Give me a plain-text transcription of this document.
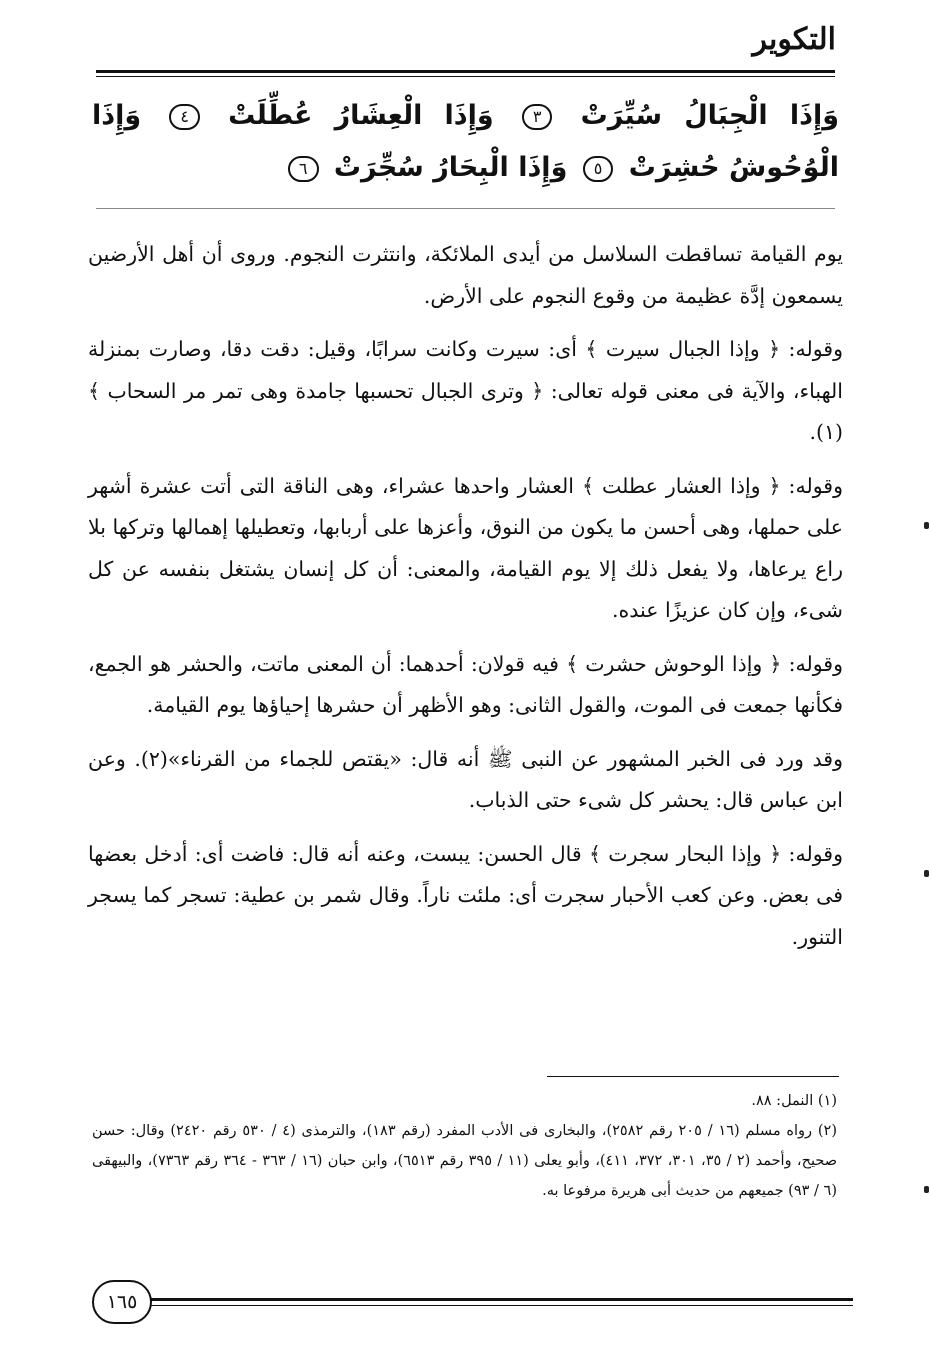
التكوير
وَإِذَا الْجِبَالُ سُيِّرَتْ ٣ وَإِذَا الْعِشَارُ عُطِّلَتْ ٤ وَإِذَا الْوُحُوشُ حُشِرَتْ ٥ وَإِذَا الْبِحَارُ سُجِّرَتْ ٦

يوم القيامة تساقطت السلاسل من أيدى الملائكة، وانتثرت النجوم. وروى أن أهل الأرضين يسمعون إدَّة عظيمة من وقوع النجوم على الأرض.

وقوله: ﴿ وإذا الجبال سيرت ﴾ أى: سيرت وكانت سرابًا، وقيل: دقت دقا، وصارت بمنزلة الهباء، والآية فى معنى قوله تعالى: ﴿ وترى الجبال تحسبها جامدة وهى تمر مر السحاب ﴾(١).

وقوله: ﴿ وإذا العشار عطلت ﴾ العشار واحدها عشراء، وهى الناقة التى أتت عشرة أشهر على حملها، وهى أحسن ما يكون من النوق، وأعزها على أربابها، وتعطيلها إهمالها وتركها بلا راع يرعاها، ولا يفعل ذلك إلا يوم القيامة، والمعنى: أن كل إنسان يشتغل بنفسه عن كل شىء، وإن كان عزيزًا عنده.

وقوله: ﴿ وإذا الوحوش حشرت ﴾ فيه قولان: أحدهما: أن المعنى ماتت، والحشر هو الجمع، فكأنها جمعت فى الموت، والقول الثانى: وهو الأظهر أن حشرها إحياؤها يوم القيامة.

وقد ورد فى الخبر المشهور عن النبى ﷺ أنه قال: «يقتص للجماء من القرناء»(٢). وعن ابن عباس قال: يحشر كل شىء حتى الذباب.

وقوله: ﴿ وإذا البحار سجرت ﴾ قال الحسن: يبست، وعنه أنه قال: فاضت أى: أدخل بعضها فى بعض. وعن كعب الأحبار سجرت أى: ملئت ناراً. وقال شمر بن عطية: تسجر كما يسجر التنور.

(١) النمل: ٨٨.

(٢) رواه مسلم (١٦ / ٢٠٥ رقم ٢٥٨٢)، والبخارى فى الأدب المفرد (رقم ١٨٣)، والترمذى (٤ / ٥٣٠ رقم ٢٤٢٠) وقال: حسن صحيح، وأحمد (٢ / ٣٥، ٣٠١، ٣٧٢، ٤١١)، وأبو يعلى (١١ / ٣٩٥ رقم ٦٥١٣)، وابن حبان (١٦ / ٣٦٣ - ٣٦٤ رقم ٧٣٦٣)، والبيهقى (٦ / ٩٣) جميعهم من حديث أبى هريرة مرفوعا به.

١٦٥
